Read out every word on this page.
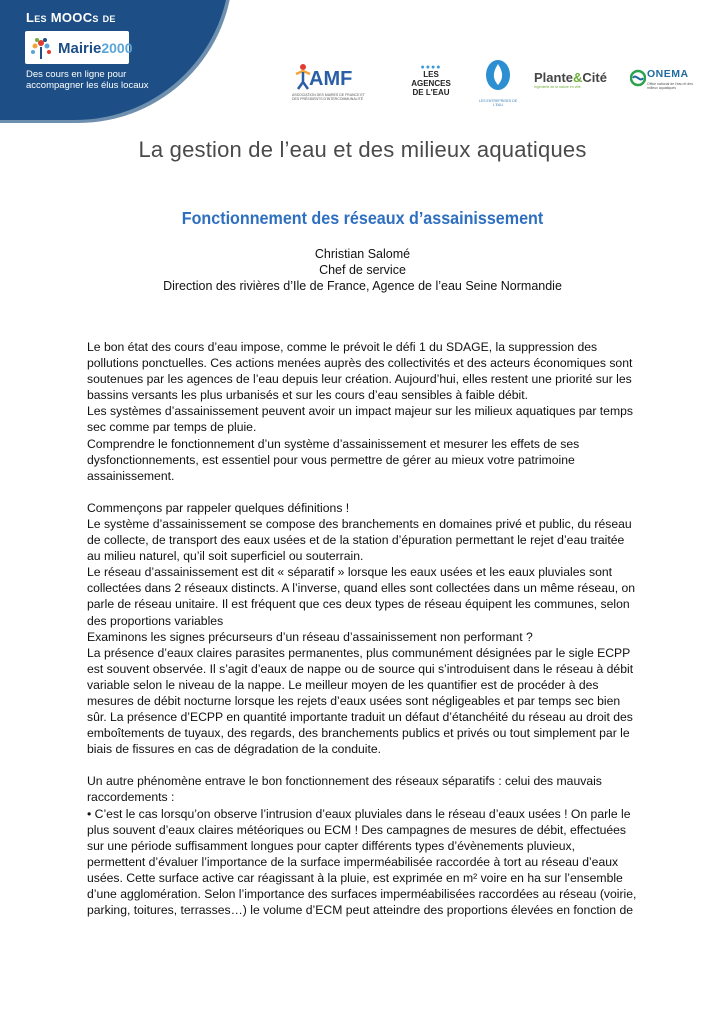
Les MOOCs de
Mairie2000
Des cours en ligne pour
accompagner les élus locaux	AMF
ASSOCIATION DES MAIRES DE FRANCE ET DES PRÉSIDENTS D'INTERCOMMUNALITÉ
●●●●
LES
AGENCES
DE L'EAU
LES ENTREPRISES DE L'EAU
Plante&Cité
Ingénierie de la nature en ville
ONEMA
Office national de l'eau et des milieux aquatiques
La gestion de l’eau et des milieux aquatiques
Fonctionnement des réseaux d’assainissement
Christian Salomé
Chef de service
Direction des rivières d’Ile de France, Agence de l’eau Seine Normandie

Le bon état des cours d’eau impose, comme le prévoit le défi 1 du SDAGE, la suppression des

pollutions ponctuelles. Ces actions menées auprès des collectivités et des acteurs économiques sont

soutenues par les agences de l’eau depuis leur création. Aujourd’hui, elles restent une priorité sur les

bassins versants les plus urbanisés et sur les cours d’eau sensibles à faible débit.

Les systèmes d’assainissement peuvent avoir un impact majeur sur les milieux aquatiques par temps

sec comme par temps de pluie.

Comprendre le fonctionnement d’un système d’assainissement et mesurer les effets de ses

dysfonctionnements, est essentiel pour vous permettre de gérer au mieux votre patrimoine

assainissement.

Commençons par rappeler quelques définitions !

Le système d’assainissement se compose des branchements en domaines privé et public, du réseau

de collecte, de transport des eaux usées et de la station d’épuration permettant le rejet d’eau traitée

au milieu naturel, qu’il soit superficiel ou souterrain.

Le réseau d’assainissement est dit « séparatif » lorsque les eaux usées et les eaux pluviales sont

collectées dans 2 réseaux distincts. A l’inverse, quand elles sont collectées dans un même réseau, on

parle de réseau unitaire. Il est fréquent que ces deux types de réseau équipent les communes, selon

des proportions variables

Examinons les signes précurseurs d’un réseau d’assainissement non performant ?

La présence d’eaux claires parasites permanentes, plus communément désignées par le sigle ECPP

est souvent observée. Il s’agit d’eaux de nappe ou de source qui s’introduisent dans le réseau à débit

variable selon le niveau de la nappe. Le meilleur moyen de les quantifier est de procéder à des

mesures de débit nocturne lorsque les rejets d’eaux usées sont négligeables et par temps sec bien

sûr. La présence d’ECPP en quantité importante traduit un défaut d’étanchéité du réseau au droit des

emboîtements de tuyaux, des regards, des branchements publics et privés ou tout simplement par le

biais de fissures en cas de dégradation de la conduite.

Un autre phénomène entrave le bon fonctionnement des réseaux séparatifs : celui des mauvais

raccordements :

• C’est le cas lorsqu’on observe l’intrusion d’eaux pluviales dans le réseau d’eaux usées ! On parle le

plus souvent d’eaux claires météoriques ou ECM ! Des campagnes de mesures de débit, effectuées

sur une période suffisamment longues pour capter différents types d’évènements pluvieux,

permettent d’évaluer l’importance de la surface imperméabilisée raccordée à tort au réseau d’eaux

usées. Cette surface active car réagissant à la pluie, est exprimée en m² voire en ha sur l’ensemble

d’une agglomération. Selon l’importance des surfaces imperméabilisées raccordées au réseau (voirie,

parking, toitures, terrasses…) le volume d’ECM peut atteindre des proportions élevées en fonction de
